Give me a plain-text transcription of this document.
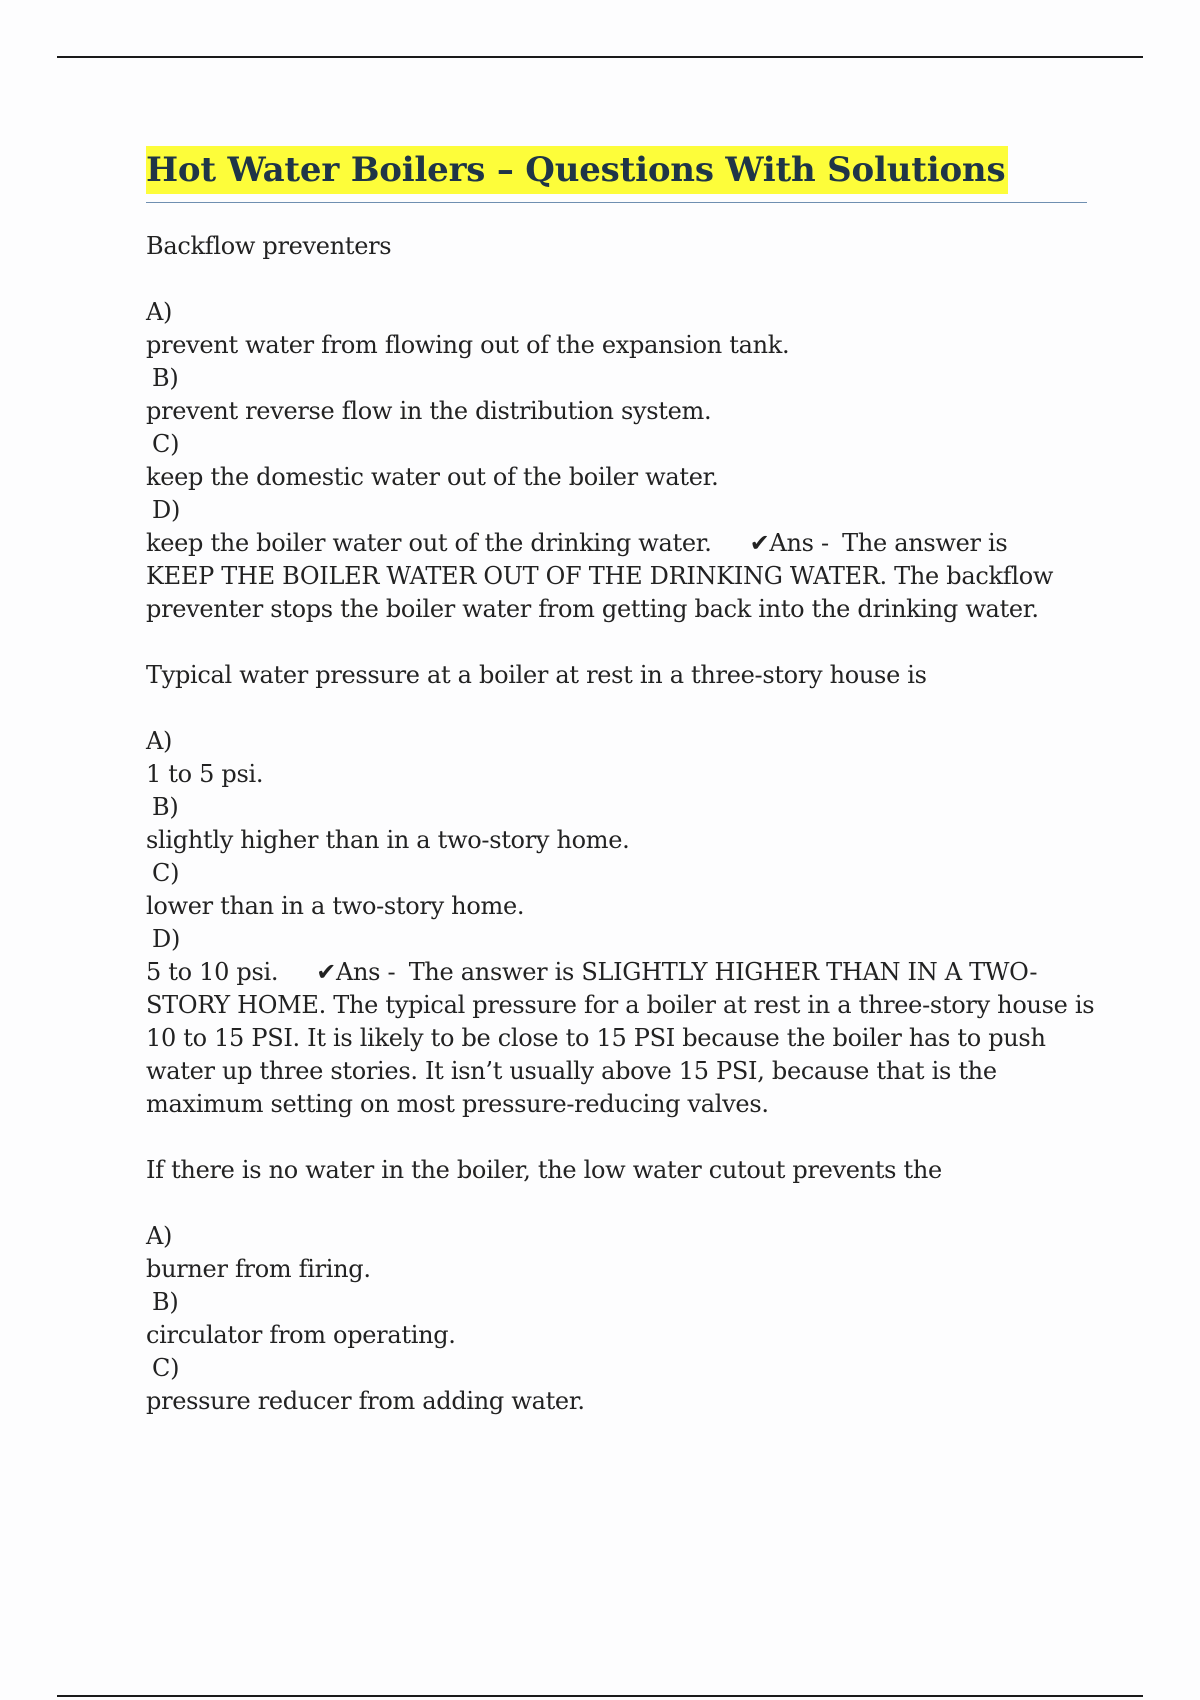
Hot Water Boilers – Questions With Solutions
Backflow preventers
A)
prevent water from flowing out of the expansion tank.
B)
prevent reverse flow in the distribution system.
C)
keep the domestic water out of the boiler water.
D)
keep the boiler water out of the drinking water. ✔Ans - The answer is
KEEP THE BOILER WATER OUT OF THE DRINKING WATER. The backflow
preventer stops the boiler water from getting back into the drinking water.
Typical water pressure at a boiler at rest in a three-story house is
A)
1 to 5 psi.
B)
slightly higher than in a two-story home.
C)
lower than in a two-story home.
D)
5 to 10 psi. ✔Ans - The answer is SLIGHTLY HIGHER THAN IN A TWO-
STORY HOME. The typical pressure for a boiler at rest in a three-story house is
10 to 15 PSI. It is likely to be close to 15 PSI because the boiler has to push
water up three stories. It isn’t usually above 15 PSI, because that is the
maximum setting on most pressure-reducing valves.
If there is no water in the boiler, the low water cutout prevents the
A)
burner from firing.
B)
circulator from operating.
C)
pressure reducer from adding water.
